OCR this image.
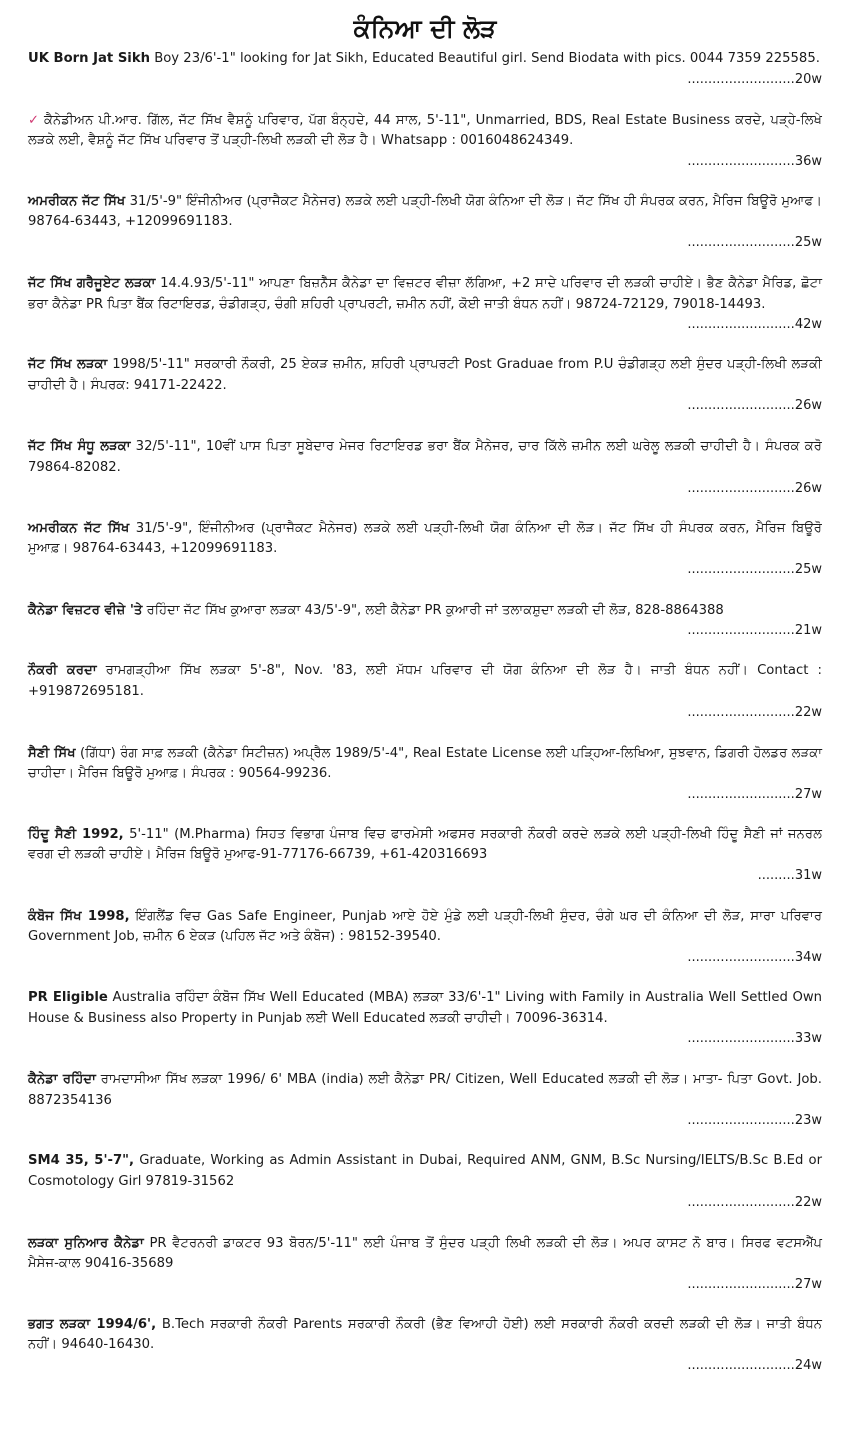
ਕੰਨਿਆ ਦੀ ਲੋੜ

UK Born Jat Sikh Boy 23/6'-1" looking for Jat Sikh, Educated Beautiful girl. Send Biodata with pics. 0044 7359 225585.

..........................20w

✓ ਕੈਨੇਡੀਅਨ ਪੀ.ਆਰ. ਗਿੱਲ, ਜੱਟ ਸਿੱਖ ਵੈਸ਼ਨੂੰ ਪਰਿਵਾਰ, ਪੱਗ ਬੰਨ੍ਹਦੇ, 44 ਸਾਲ, 5'-11", Unmarried, BDS, Real Estate Business ਕਰਦੇ, ਪੜ੍ਹੇ-ਲਿਖੇ ਲੜਕੇ ਲਈ, ਵੈਸ਼ਨੂੰ ਜੱਟ ਸਿੱਖ ਪਰਿਵਾਰ ਤੋਂ ਪੜ੍ਹੀ-ਲਿਖੀ ਲੜਕੀ ਦੀ ਲੋੜ ਹੈ। Whatsapp : 0016048624349.

..........................36w

ਅਮਰੀਕਨ ਜੱਟ ਸਿੱਖ 31/5'-9" ਇੰਜੀਨੀਅਰ (ਪ੍ਰਾਜੈਕਟ ਮੈਨੇਜਰ) ਲੜਕੇ ਲਈ ਪੜ੍ਹੀ-ਲਿਖੀ ਯੋਗ ਕੰਨਿਆ ਦੀ ਲੋੜ। ਜੱਟ ਸਿੱਖ ਹੀ ਸੰਪਰਕ ਕਰਨ, ਮੈਰਿਜ ਬਿਊਰੋ ਮੁਆਫ। 98764-63443, +12099691183.

..........................25w

ਜੱਟ ਸਿੱਖ ਗਰੈਜੂਏਟ ਲੜਕਾ 14.4.93/5'-11" ਆਪਣਾ ਬਿਜ਼ਨੈੱਸ ਕੈਨੇਡਾ ਦਾ ਵਿਜ਼ਟਰ ਵੀਜ਼ਾ ਲੱਗਿਆ, +2 ਸਾਦੇ ਪਰਿਵਾਰ ਦੀ ਲੜਕੀ ਚਾਹੀਏ। ਭੈਣ ਕੈਨੇਡਾ ਮੈਰਿਡ, ਛੋਟਾ ਭਰਾ ਕੈਨੇਡਾ PR ਪਿਤਾ ਬੈਂਕ ਰਿਟਾਇਰਡ, ਚੰਡੀਗੜ੍ਹ, ਚੰਗੀ ਸ਼ਹਿਰੀ ਪ੍ਰਾਪਰਟੀ, ਜ਼ਮੀਨ ਨਹੀਂ, ਕੋਈ ਜਾਤੀ ਬੰਧਨ ਨਹੀਂ। 98724-72129, 79018-14493.

..........................42w

ਜੱਟ ਸਿੱਖ ਲੜਕਾ 1998/5'-11" ਸਰਕਾਰੀ ਨੌਕਰੀ, 25 ਏਕੜ ਜ਼ਮੀਨ, ਸ਼ਹਿਰੀ ਪ੍ਰਾਪਰਟੀ Post Graduae from P.U ਚੰਡੀਗੜ੍ਹ ਲਈ ਸੁੰਦਰ ਪੜ੍ਹੀ-ਲਿਖੀ ਲੜਕੀ ਚਾਹੀਦੀ ਹੈ। ਸੰਪਰਕ: 94171-22422.

..........................26w

ਜੱਟ ਸਿੱਖ ਸੰਧੂ ਲੜਕਾ 32/5'-11", 10ਵੀਂ ਪਾਸ ਪਿਤਾ ਸੂਬੇਦਾਰ ਮੇਜਰ ਰਿਟਾਇਰਡ ਭਰਾ ਬੈਂਕ ਮੈਨੇਜਰ, ਚਾਰ ਕਿੱਲੇ ਜ਼ਮੀਨ ਲਈ ਘਰੇਲੂ ਲੜਕੀ ਚਾਹੀਦੀ ਹੈ। ਸੰਪਰਕ ਕਰੋ 79864-82082.

..........................26w

ਅਮਰੀਕਨ ਜੱਟ ਸਿੱਖ 31/5'-9", ਇੰਜੀਨੀਅਰ (ਪ੍ਰਾਜੈਕਟ ਮੈਨੇਜਰ) ਲੜਕੇ ਲਈ ਪੜ੍ਹੀ-ਲਿਖੀ ਯੋਗ ਕੰਨਿਆ ਦੀ ਲੋੜ। ਜੱਟ ਸਿੱਖ ਹੀ ਸੰਪਰਕ ਕਰਨ, ਮੈਰਿਜ ਬਿਊਰੋ ਮੁਆਫ਼। 98764-63443, +12099691183.

..........................25w

ਕੈਨੇਡਾ ਵਿਜ਼ਟਰ ਵੀਜ਼ੇ 'ਤੇ ਰਹਿੰਦਾ ਜੱਟ ਸਿੱਖ ਕੁਆਰਾ ਲੜਕਾ 43/5'-9", ਲਈ ਕੈਨੇਡਾ PR ਕੁਆਰੀ ਜਾਂ ਤਲਾਕਸ਼ੁਦਾ ਲੜਕੀ ਦੀ ਲੋੜ, 828-8864388

..........................21w

ਨੌਕਰੀ ਕਰਦਾ ਰਾਮਗੜ੍ਹੀਆ ਸਿੱਖ ਲੜਕਾ 5'-8", Nov. '83, ਲਈ ਮੱਧਮ ਪਰਿਵਾਰ ਦੀ ਯੋਗ ਕੰਨਿਆ ਦੀ ਲੋੜ ਹੈ। ਜਾਤੀ ਬੰਧਨ ਨਹੀਂ। Contact : +919872695181.

..........................22w

ਸੈਣੀ ਸਿੱਖ (ਗਿੱਧਾ) ਰੰਗ ਸਾਫ਼ ਲੜਕੀ (ਕੈਨੇਡਾ ਸਿਟੀਜ਼ਨ) ਅਪ੍ਰੈਲ 1989/5'-4", Real Estate License ਲਈ ਪੜ੍ਹਿਆ-ਲਿਖਿਆ, ਸੁਝਵਾਨ, ਡਿਗਰੀ ਹੋਲਡਰ ਲੜਕਾ ਚਾਹੀਦਾ। ਮੈਰਿਜ ਬਿਊਰੋ ਮੁਆਫ਼। ਸੰਪਰਕ : 90564-99236.

..........................27w

ਹਿੰਦੂ ਸੈਣੀ 1992, 5'-11" (M.Pharma) ਸਿਹਤ ਵਿਭਾਗ ਪੰਜਾਬ ਵਿਚ ਫਾਰਮੇਸੀ ਅਫਸਰ ਸਰਕਾਰੀ ਨੌਕਰੀ ਕਰਦੇ ਲੜਕੇ ਲਈ ਪੜ੍ਹੀ-ਲਿਖੀ ਹਿੰਦੂ ਸੈਣੀ ਜਾਂ ਜਨਰਲ ਵਰਗ ਦੀ ਲੜਕੀ ਚਾਹੀਏ। ਮੈਰਿਜ ਬਿਊਰੋ ਮੁਆਫ-91-77176-66739, +61-420316693

.........31w

ਕੰਬੋਜ ਸਿੱਖ 1998, ਇੰਗਲੈਂਡ ਵਿਚ Gas Safe Engineer, Punjab ਆਏ ਹੋਏ ਮੁੰਡੇ ਲਈ ਪੜ੍ਹੀ-ਲਿਖੀ ਸੁੰਦਰ, ਚੰਗੇ ਘਰ ਦੀ ਕੰਨਿਆ ਦੀ ਲੋੜ, ਸਾਰਾ ਪਰਿਵਾਰ Government Job, ਜ਼ਮੀਨ 6 ਏਕੜ (ਪਹਿਲ ਜੱਟ ਅਤੇ ਕੰਬੋਜ) : 98152-39540.

..........................34w

PR Eligible Australia ਰਹਿੰਦਾ ਕੰਬੋਜ ਸਿੱਖ Well Educated (MBA) ਲੜਕਾ 33/6'-1" Living with Family in Australia Well Settled Own House & Business also Property in Punjab ਲਈ Well Educated ਲੜਕੀ ਚਾਹੀਦੀ। 70096-36314.

..........................33w

ਕੈਨੇਡਾ ਰਹਿੰਦਾ ਰਾਮਦਾਸੀਆ ਸਿੱਖ ਲੜਕਾ 1996/ 6' MBA (india) ਲਈ ਕੈਨੇਡਾ PR/ Citizen, Well Educated ਲੜਕੀ ਦੀ ਲੋੜ। ਮਾਤਾ- ਪਿਤਾ Govt. Job. 8872354136

..........................23w

SM4 35, 5'-7", Graduate, Working as Admin Assistant in Dubai, Required ANM, GNM, B.Sc Nursing/IELTS/B.Sc B.Ed or Cosmotology Girl 97819-31562

..........................22w

ਲੜਕਾ ਸੁਨਿਆਰ ਕੈਨੇਡਾ PR ਵੈਟਰਨਰੀ ਡਾਕਟਰ 93 ਬੋਰਨ/5'-11" ਲਈ ਪੰਜਾਬ ਤੋਂ ਸੁੰਦਰ ਪੜ੍ਹੀ ਲਿਖੀ ਲੜਕੀ ਦੀ ਲੋੜ। ਅਪਰ ਕਾਸਟ ਨੋ ਬਾਰ। ਸਿਰਫ ਵਟਸਐੱਪ ਮੈਸੇਜ-ਕਾਲ 90416-35689

..........................27w

ਭਗਤ ਲੜਕਾ 1994/6', B.Tech ਸਰਕਾਰੀ ਨੌਕਰੀ Parents ਸਰਕਾਰੀ ਨੌਕਰੀ (ਭੈਣ ਵਿਆਹੀ ਹੋਈ) ਲਈ ਸਰਕਾਰੀ ਨੌਕਰੀ ਕਰਦੀ ਲੜਕੀ ਦੀ ਲੋੜ। ਜਾਤੀ ਬੰਧਨ ਨਹੀਂ। 94640-16430.

..........................24w
